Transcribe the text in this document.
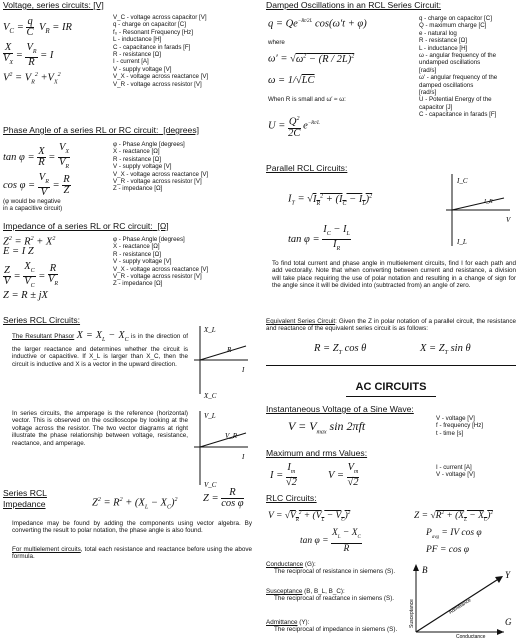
Voltage, series circuits: [V]
$V_C = \frac{q}{C} V_R$ = IR
$\frac{X}{V_X} = \frac{V_R}{R} = I$
$V^2 = V_R^2 +V_X^2$
V_C - voltage across capacitor [V]
q - charge on capacitor [C]
f₀ - Resonant Frequency [Hz]
L - inductance [H]
C - capacitance in farads [F]
R - resistance [Ω]
I - current [A]
V - supply voltage [V]
V_X - voltage across reactance [V]
V_R - voltage across resistor [V]
Phase Angle of a series RL or RC circuit: [degrees]
$\tan \varphi = \frac{X}{R} = \frac{V_X}{V_R}$
$\cos \varphi = \frac{V_R}{V} = \frac{R}{Z}$
(φ would be negative
in a capacitive circuit)
φ - Phase Angle [degrees]
X - reactance [Ω]
R - resistance [Ω]
V - supply voltage [V]
V_X - voltage across reactance [V]
V_R - voltage across resistor [V]
Z - impedance [Ω]
Impedance of a series RL or RC circuit: [Ω]
$Z^2 = R^2 + X^2$
E = I Z
$\frac{Z}{V} = \frac{X_C}{V_C} = \frac{R}{V_R}$
Z = R ± jX
φ - Phase Angle [degrees]
X - reactance [Ω]
R - resistance [Ω]
V - supply voltage [V]
V_X - voltage across reactance [V]
V_R - voltage across resistor [V]
Z - impedance [Ω]
Series RCL Circuits:
The Resultant Phasor $X = X_L - X_C$ is in the direction of the larger reactance and determines whether the circuit is inductive or capacitive. If X_L is larger than X_C, then the circuit is inductive and X is a vector in the upward direction.
In series circuits, the amperage is the reference (horizontal) vector. This is observed on the oscilloscope by looking at the voltage across the resistor. The two vector diagrams at right illustrate the phase relationship between voltage, resistance, reactance, and amperage.
X_L
R
I
X_C
V_L
V_R
I
V_C
Series RCL
Impedance	$Z^2 = R^2 + (X_L - X_C)^2$ $Z = \frac{R}{\text{cos φ}}$
Impedance may be found by adding the components using vector algebra. By converting the result to polar notation, the phase angle is also found.
For multielement circuits, total each resistance and reactance before using the above formula.
Damped Oscillations in an RCL Series Circuit:
$q = Qe^{-Rt/2L}$ cos(ω′t + φ)
where
$\omega' = √\omega^2 - (R / 2L)^2$
ω = 1/√LC
When R is small and ω′ ≈ ω:
$U = \frac{Q^2}{2C} e^{-Rt/L}$
q - charge on capacitor [C]
Q - maximum charge [C]
e - natural log
R - resistance [Ω]
L - inductance [H]
ω - angular frequency of the
undamped oscillations
[rad/s]
ω′ - angular frequency of the
damped oscillations
[rad/s]
U - Potential Energy of the
capacitor [J]
C - capacitance in farads [F]
Parallel RCL Circuits:
$I_T = √I_R^2 + (I_C - I_L)^2$
$\tan \varphi = \frac{I_C - I_L}{I_R}$
I_C
I_R
V
I_L
To find total current and phase angle in multielement circuits, find I for each path and add vectorally. Note that when converting between current and resistance, a division will take place requiring the use of polar notation and resulting in a change of sign for the angle since it will be divided into (subtracted from) an angle of zero.
Equivalent Series Circuit: Given the Z in polar notation of a parallel circuit, the resistance and reactance of the equivalent series circuit is as follows:
$R = Z_T$ cos θ	$X = Z_T$ sin θ
AC CIRCUITS
Instantaneous Voltage of a Sine Wave:
$V = V_{max}$ sin 2πft
V - voltage [V]
f - frequency [Hz]
t - time [s]
Maximum and rms Values:
$I = \frac{I_m}{√2}$	$V = \frac{V_m}{√2}$	I - current [A]
V - voltage [V]
RLC Circuits:
$V = √V_R^2 + (V_L - V_C)^2$
$\tan \varphi = \frac{X_L - X_C}{R}$
$Z = √R^2 + (X_L - X_C)^2$
$P_{avg}$ = IV cos φ
PF = cos φ
Conductance (G):
The reciprocal of resistance in siemens (S).
Susceptance (B, B_L, B_C):
The reciprocal of reactance in siemens (S).
Admittance (Y):
The reciprocal of impedance in siemens (S).
B	Y
G
Susceptance	Admittance
Conductance
